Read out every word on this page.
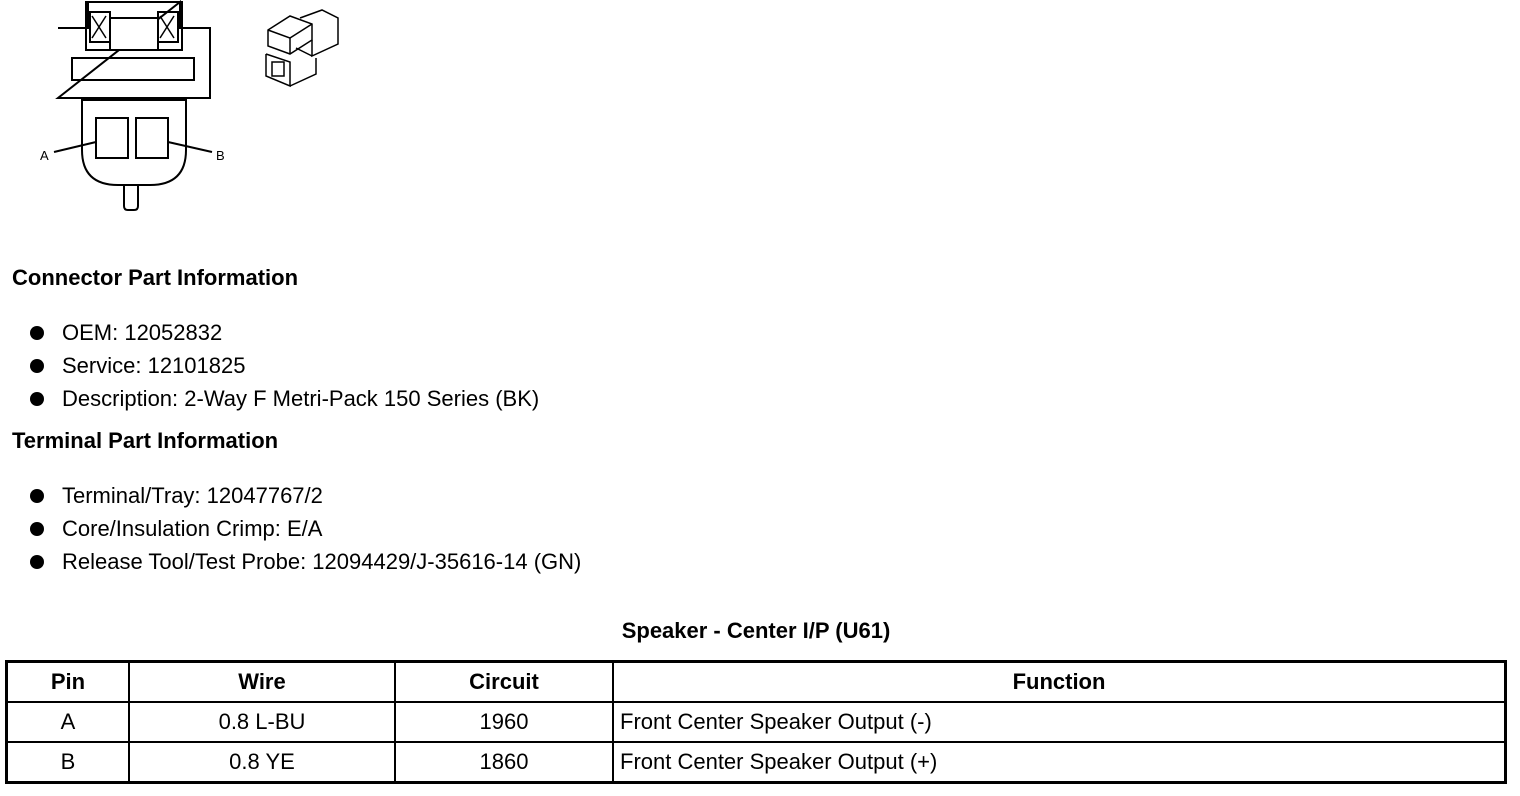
A	B
Connector Part Information
OEM: 12052832
Service: 12101825
Description: 2-Way F Metri-Pack 150 Series (BK)
Terminal Part Information
Terminal/Tray: 12047767/2
Core/Insulation Crimp: E/A
Release Tool/Test Probe: 12094429/J-35616-14 (GN)
Speaker - Center I/P (U61)
Pin	Wire	Circuit	Function
A	0.8 L-BU	1960	Front Center Speaker Output (-)
B	0.8 YE	1860	Front Center Speaker Output (+)
